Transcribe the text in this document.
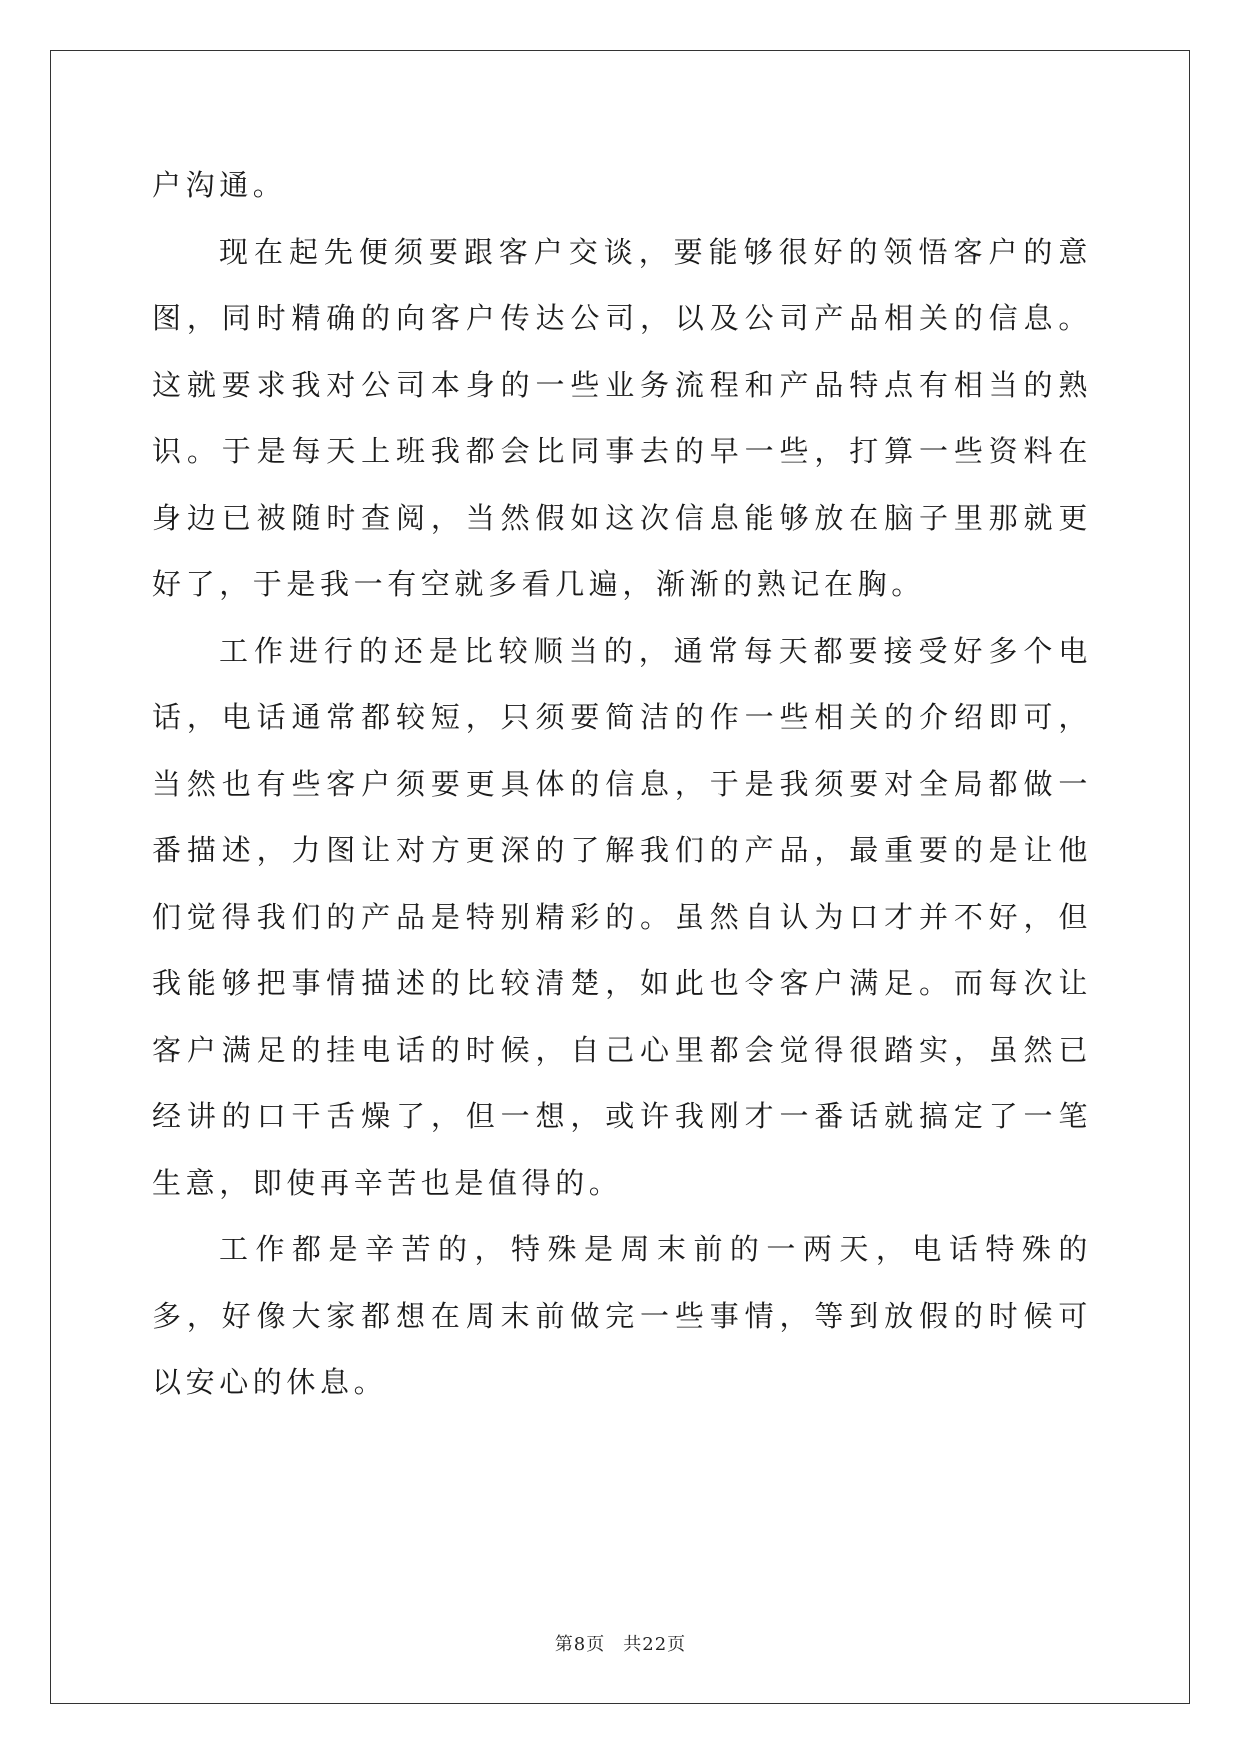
户沟通。

现在起先便须要跟客户交谈，要能够很好的领悟客户的意图，同时精确的向客户传达公司，以及公司产品相关的信息。这就要求我对公司本身的一些业务流程和产品特点有相当的熟识。于是每天上班我都会比同事去的早一些，打算一些资料在身边已被随时查阅，当然假如这次信息能够放在脑子里那就更好了，于是我一有空就多看几遍，渐渐的熟记在胸。

工作进行的还是比较顺当的，通常每天都要接受好多个电话，电话通常都较短，只须要简洁的作一些相关的介绍即可，当然也有些客户须要更具体的信息，于是我须要对全局都做一番描述，力图让对方更深的了解我们的产品，最重要的是让他们觉得我们的产品是特别精彩的。虽然自认为口才并不好，但我能够把事情描述的比较清楚，如此也令客户满足。而每次让客户满足的挂电话的时候，自己心里都会觉得很踏实，虽然已经讲的口干舌燥了，但一想，或许我刚才一番话就搞定了一笔生意，即使再辛苦也是值得的。

工作都是辛苦的，特殊是周末前的一两天，电话特殊的多，好像大家都想在周末前做完一些事情，等到放假的时候可以安心的休息。

第8页 共22页
